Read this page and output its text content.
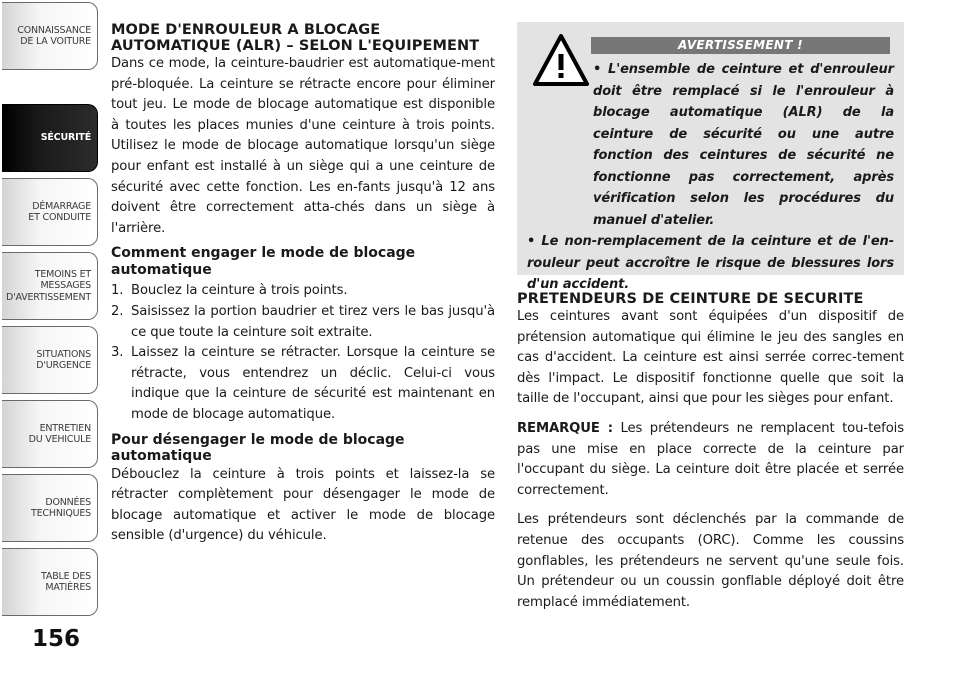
CONNAISSANCE
DE LA VOITURE
SÉCURITÉ
DÉMARRAGE
ET CONDUITE
TEMOINS ET
MESSAGES
D'AVERTISSEMENT
SITUATIONS
D'URGENCE
ENTRETIEN
DU VEHICULE
DONNÉES
TECHNIQUES
TABLE DES
MATIÈRES
156
MODE D'ENROULEUR A BLOCAGE AUTOMATIQUE (ALR) – SELON L'EQUIPEMENT

Dans ce mode, la ceinture-baudrier est automatique-ment pré-bloquée. La ceinture se rétracte encore pour éliminer tout jeu. Le mode de blocage automatique est disponible à toutes les places munies d'une ceinture à trois points. Utilisez le mode de blocage automatique lorsqu'un siège pour enfant est installé à un siège qui a une ceinture de sécurité avec cette fonction. Les en-fants jusqu'à 12 ans doivent être correctement atta-chés dans un siège à l'arrière.

Comment engager le mode de blocage automatique
1. Bouclez la ceinture à trois points.
2. Saisissez la portion baudrier et tirez vers le bas jusqu'à ce que toute la ceinture soit extraite.
3. Laissez la ceinture se rétracter. Lorsque la ceinture se rétracte, vous entendrez un déclic. Celui-ci vous indique que la ceinture de sécurité est maintenant en mode de blocage automatique.
Pour désengager le mode de blocage automatique

Débouclez la ceinture à trois points et laissez-la se rétracter complètement pour désengager le mode de blocage automatique et activer le mode de blocage sensible (d'urgence) du véhicule.

AVERTISSEMENT !

• L'ensemble de ceinture et d'enrouleur doit être remplacé si le l'enrouleur à blocage automatique (ALR) de la ceinture de sécurité ou une autre fonction des ceintures de sécurité ne fonctionne pas correctement, après vérification selon les procédures du manuel d'atelier.

• Le non-remplacement de la ceinture et de l'en-rouleur peut accroître le risque de blessures lors d'un accident.

PRETENDEURS DE CEINTURE DE SECURITE

Les ceintures avant sont équipées d'un dispositif de prétension automatique qui élimine le jeu des sangles en cas d'accident. La ceinture est ainsi serrée correc-tement dès l'impact. Le dispositif fonctionne quelle que soit la taille de l'occupant, ainsi que pour les sièges pour enfant.

REMARQUE : Les prétendeurs ne remplacent tou-tefois pas une mise en place correcte de la ceinture par l'occupant du siège. La ceinture doit être placée et serrée correctement.

Les prétendeurs sont déclenchés par la commande de retenue des occupants (ORC). Comme les coussins gonflables, les prétendeurs ne servent qu'une seule fois. Un prétendeur ou un coussin gonflable déployé doit être remplacé immédiatement.
